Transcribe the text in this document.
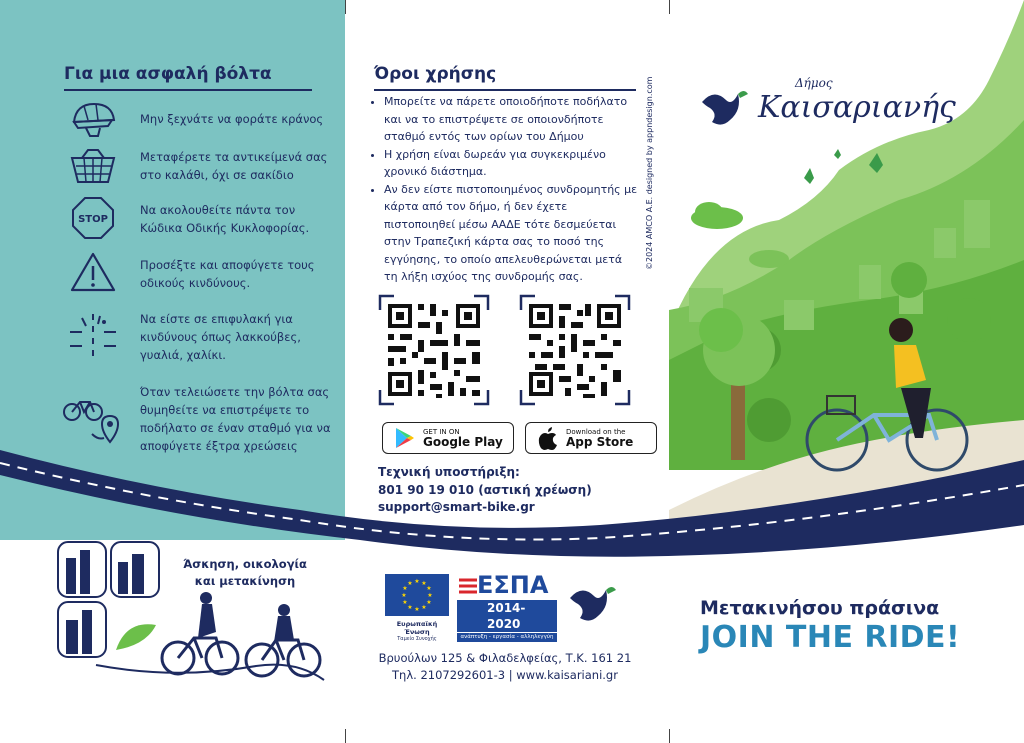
Δήμος
Καισαριανής
©2024 AMCO A.E. designed by appndesign.com
Για μια ασφαλή βόλτα
Μην ξεχνάτε να φοράτε κράνος
Μεταφέρετε τα αντικείμενά σας στο καλάθι, όχι σε σακίδιο
STOP
Να ακολουθείτε πάντα τον Κώδικα Οδικής Κυκλοφορίας.
Προσέξτε και αποφύγετε τους οδικούς κινδύνους.
Να είστε σε επιφυλακή για κινδύνους όπως λακκούβες, γυαλιά, χαλίκι.
Όταν τελειώσετε την βόλτα σας θυμηθείτε να επιστρέψετε το ποδήλατο σε έναν σταθμό για να αποφύγετε έξτρα χρεώσεις
Όροι χρήσης
• Μπορείτε να πάρετε οποιοδήποτε ποδήλατο και να το επιστρέψετε σε οποιονδήποτε σταθμό εντός των ορίων του Δήμου
• Η χρήση είναι δωρεάν για συγκεκριμένο χρονικό διάστημα.
• Αν δεν είστε πιστοποιημένος συνδρομητής με κάρτα από τον δήμο, ή δεν έχετε πιστοποιηθεί μέσω ΑΑΔΕ τότε δεσμεύεται στην Τραπεζική κάρτα σας το ποσό της εγγύησης, το οποίο απελευθερώνεται μετά τη λήξη ισχύος της συνδρομής σας.
GET IN ON
Google Play
Download on the
App Store
Τεχνική υποστήριξη:
801 90 19 010 (αστική χρέωση)
support@smart-bike.gr
Άσκηση, οικολογία
και μετακίνηση	★ ★
★
★
★
★
★
★
★
★
★
★
Ευρωπαϊκή Ένωση
Ταμείο Συνοχής
ΕΣΠΑ
2014-2020
ανάπτυξη - εργασία - αλληλεγγύη
Βρυούλων 125 & Φιλαδελφείας, Τ.Κ. 161 21
Τηλ. 2107292601-3 | www.kaisariani.gr
Μετακινήσου πράσινα
JOIN THE RIDE!
